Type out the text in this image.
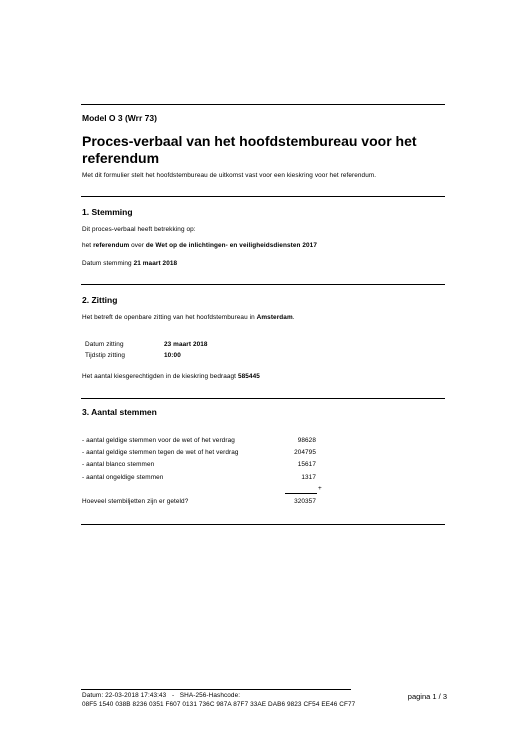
Model O 3 (Wrr 73)
Proces-verbaal van het hoofdstembureau voor het referendum
Met dit formulier stelt het hoofdstembureau de uitkomst vast voor een kieskring voor het referendum.
1. Stemming
Dit proces-verbaal heeft betrekking op:
het referendum over de Wet op de inlichtingen- en veiligheidsdiensten 2017
Datum stemming 21 maart 2018
2. Zitting
Het betreft de openbare zitting van het hoofdstembureau in Amsterdam.
Datum zitting	23 maart 2018
Tijdstip zitting	10:00
Het aantal kiesgerechtigden in de kieskring bedraagt 585445
3. Aantal stemmen
- aantal geldige stemmen voor de wet of het verdrag	98628
- aantal geldige stemmen tegen de wet of het verdrag	204795
- aantal blanco stemmen	15617
- aantal ongeldige stemmen	1317
+
Hoeveel stembiljetten zijn er geteld?	320357
Datum: 22-03-2018 17:43:43   -   SHA-256-Hashcode:
08F5 1540 038B 8236 0351 F607 0131 736C 987A 87F7 33AE DAB6 9823 CF54 EE46 CF77
pagina 1 / 3
